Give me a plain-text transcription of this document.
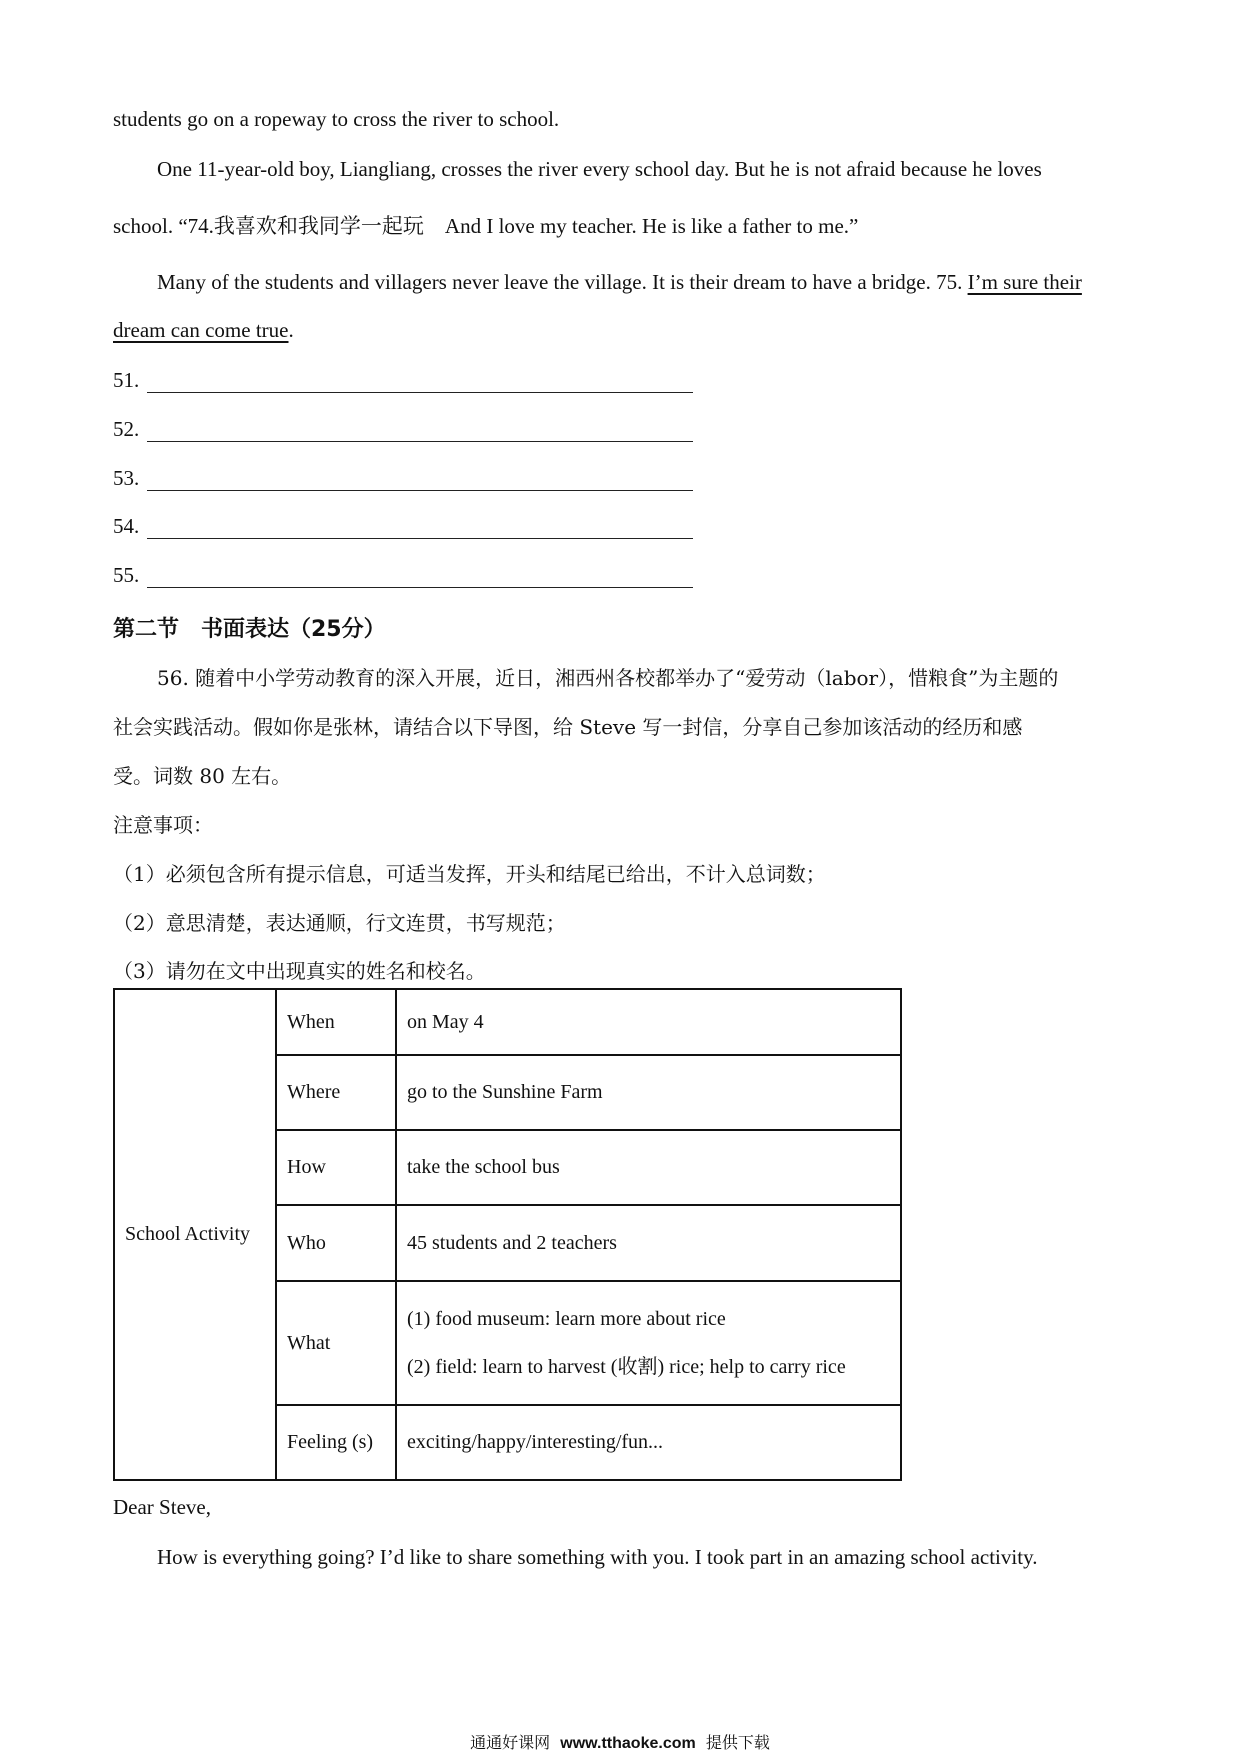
students go on a ropeway to cross the river to school.
One 11-year-old boy, Liangliang, crosses the river every school day. But he is not afraid because he loves
school. “74.我喜欢和我同学一起玩 And I love my teacher. He is like a father to me.”
Many of the students and villagers never leave the village. It is their dream to have a bridge. 75. I’m sure their
dream can come true.
51.
52.
53.
54.
55.
第二节　书面表达（25分）
56. 随着中小学劳动教育的深入开展，近日，湘西州各校都举办了“爱劳动（labor），惜粮食”为主题的
社会实践活动。假如你是张林，请结合以下导图，给 Steve 写一封信，分享自己参加该活动的经历和感
受。词数 80 左右。
注意事项：
（1）必须包含所有提示信息，可适当发挥，开头和结尾已给出，不计入总词数；
（2）意思清楚，表达通顺，行文连贯，书写规范；
（3）请勿在文中出现真实的姓名和校名。
School Activity	When	on May 4
	Where	go to the Sunshine Farm
	How	take the school bus
	Who	45 students and 2 teachers
	What	(1) food museum: learn more about rice
(2) field: learn to harvest (收割) rice; help to carry rice

	Feeling (s)	exciting/happy/interesting/fun...
Dear Steve,
How is everything going? I’d like to share something with you. I took part in an amazing school activity.
通通好课网 www.tthaoke.com 提供下载
